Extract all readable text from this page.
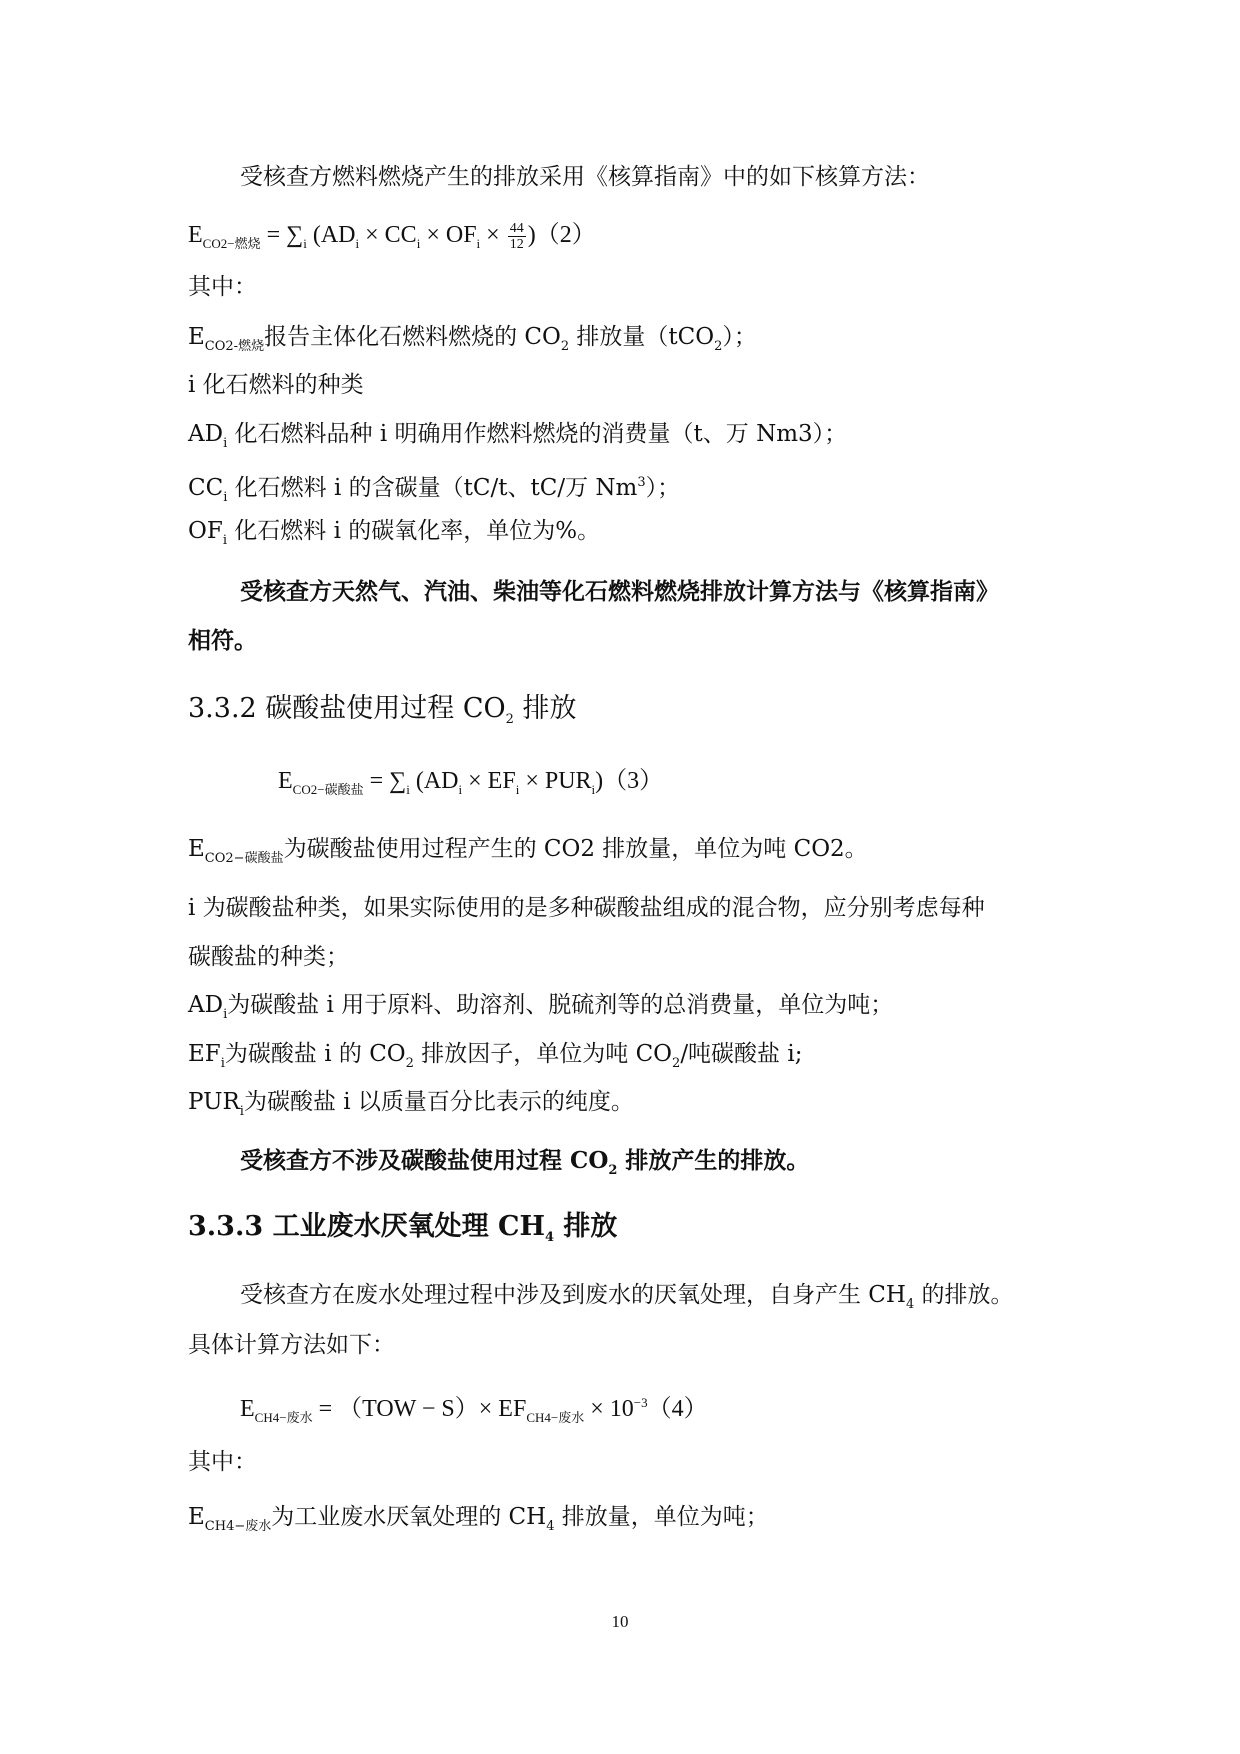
受核查方燃料燃烧产生的排放采用《核算指南》中的如下核算方法：
$E_{CO2-燃烧} = \sum_i$ $(AD_i \times CC_i \times OF_i \times \frac{44}{12} )(2)$
其中：
$E_{CO2-燃烧}$报告主体化石燃料燃烧的 $CO_2$ 排放量（tCO$_2$）；
i 化石燃料的种类
$AD_i$ 化石燃料品种 i 明确用作燃料燃烧的消费量（t、万 Nm3）；
$CC_i$ 化石燃料 i 的含碳量（tC/t、tC/万 Nm$^3$）；
$OF_i$ 化石燃料 i 的碳氧化率，单位为%。
受核查方天然气、汽油、柴油等化石燃料燃烧排放计算方法与《核算指南》
相符。
3.3.2 碳酸盐使用过程 $CO_2$ 排放
$E_{CO2-碳酸盐} = \sum_i$ $(AD_i \times EF_i \times PUR_i)(3)$
$E_{CO2-碳酸盐}$为碳酸盐使用过程产生的 CO2 排放量，单位为吨 CO2。
i 为碳酸盐种类，如果实际使用的是多种碳酸盐组成的混合物，应分别考虑每种
碳酸盐的种类；
$AD_i$为碳酸盐 i 用于原料、助溶剂、脱硫剂等的总消费量，单位为吨；
$EF_i$为碳酸盐 i 的 $CO_2$ 排放因子，单位为吨 $CO_2/$吨碳酸盐 i;
$PUR_i$为碳酸盐 i 以质量百分比表示的纯度。
受核查方不涉及碳酸盐使用过程 $CO_2$ 排放产生的排放。
3.3.3 工业废水厌氧处理 $CH_4$ 排放
受核查方在废水处理过程中涉及到废水的厌氧处理，自身产生 $CH_4$ 的排放。
具体计算方法如下：
$E_{CH4-废水} = (TOW - S)\times EF_{CH4-废水} \times 10^{-3}(4)$
其中：
$E_{CH4-废水}$为工业废水厌氧处理的 $CH_4$ 排放量，单位为吨；
10
